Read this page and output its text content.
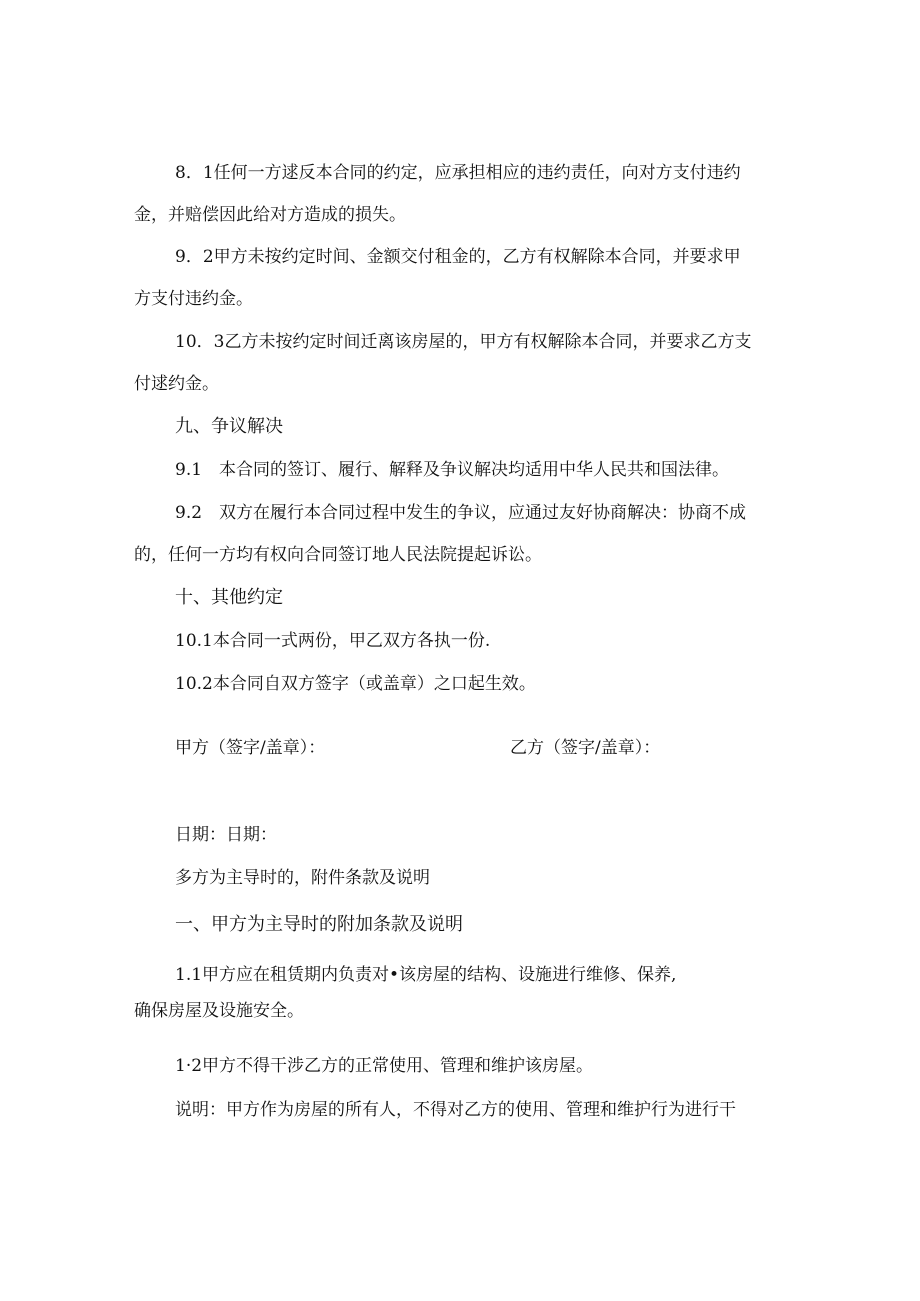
8．1任何一方逑反本合同的约定，应承担相应的违约责任，向对方支付违约
金，并赔偿因此给对方造成的损失。
9．2甲方未按约定时间、金额交付租金的，乙方有权解除本合同，并要求甲
方支付违约金。
10．3乙方未按约定时间迁离该房屋的，甲方有权解除本合同，并要求乙方支
付逑约金。
九、争议解决
9.1　本合同的签订、履行、解释及争议解决均适用中华人民共和国法律。
9.2　双方在履行本合同过程中发生的争议，应通过友好协商解决：协商不成
的，任何一方均有权向合同签订地人民法院提起诉讼。
十、其他约定
10.1本合同一式两份，甲乙双方各执一份.
10.2本合同自双方签字（或盖章）之口起生效。
甲方（签字/盖章）：	乙方（签字/盖章）：
日期：日期：
多方为主导时的，附件条款及说明
一、甲方为主导时的附加条款及说明
1.1甲方应在租赁期内负责对•该房屋的结构、设施进行维修、保养,
确保房屋及设施安全。
1·2甲方不得干涉乙方的正常使用、管理和维护该房屋。
说明：甲方作为房屋的所有人，不得对乙方的使用、管理和维护行为进行干
